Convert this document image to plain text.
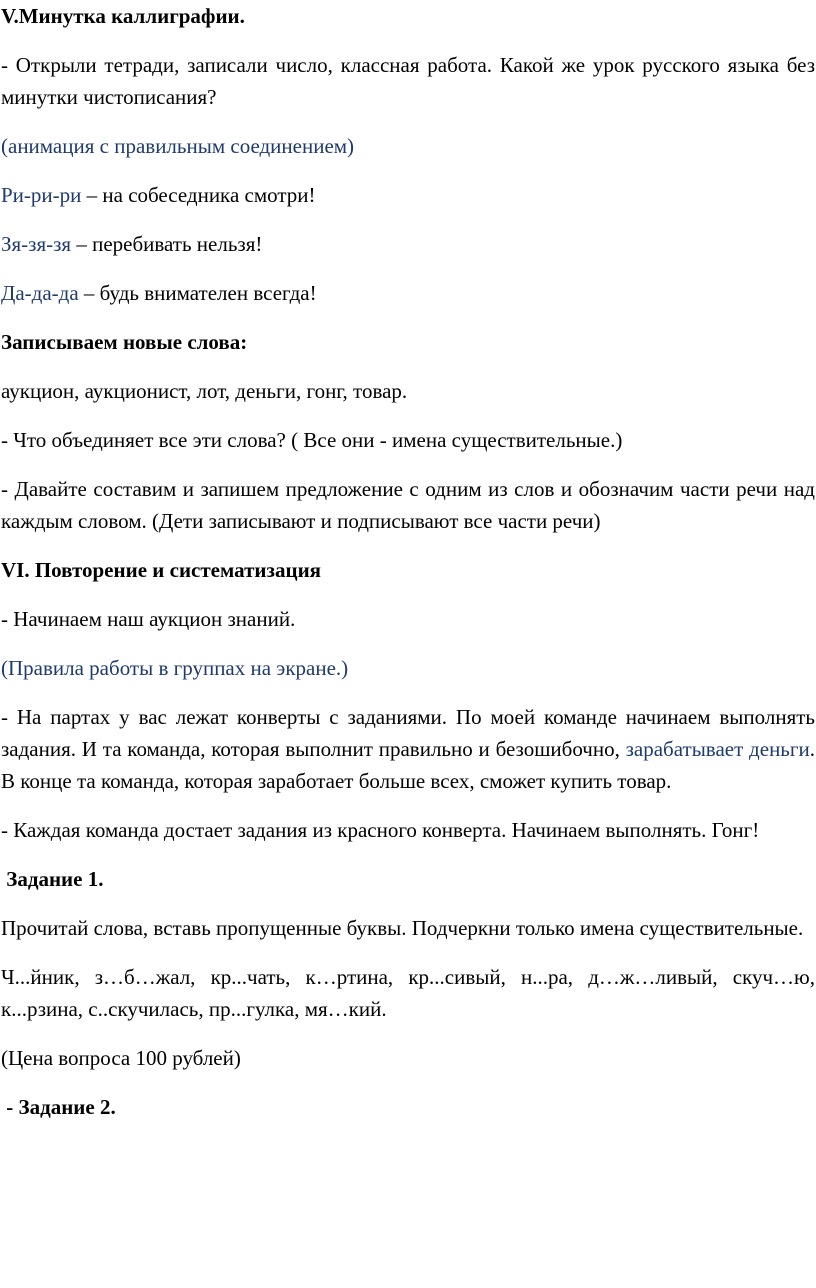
V.Минутка каллиграфии.

- Открыли тетради, записали число, классная работа. Какой же урок русского языка без минутки чистописания?

(анимация с правильным соединением)

Ри-ри-ри – на собеседника смотри!

Зя-зя-зя – перебивать нельзя!

Да-да-да – будь внимателен всегда!

Записываем новые слова:

аукцион, аукционист, лот, деньги, гонг, товар.

- Что объединяет все эти слова? ( Все они - имена существительные.)

- Давайте составим и запишем предложение с одним из слов и обозначим части речи над каждым словом. (Дети записывают и подписывают все части речи)

VI. Повторение и систематизация

- Начинаем наш аукцион знаний.

(Правила работы в группах на экране.)

- На партах у вас лежат конверты с заданиями. По моей команде начинаем выполнять задания. И та команда, которая выполнит правильно и безошибочно, зарабатывает деньги. В конце та команда, которая заработает больше всех, сможет купить товар.

- Каждая команда достает задания из красного конверта. Начинаем выполнять. Гонг!

Задание 1.

Прочитай слова, вставь пропущенные буквы. Подчеркни только имена существительные.

Ч...йник, з…б…жал, кр...чать, к…ртина, кр...сивый, н...ра, д…ж…ливый, скуч…ю, к...рзина, с..скучилась, пр...гулка, мя…кий.

(Цена вопроса 100 рублей)

- Задание 2.
